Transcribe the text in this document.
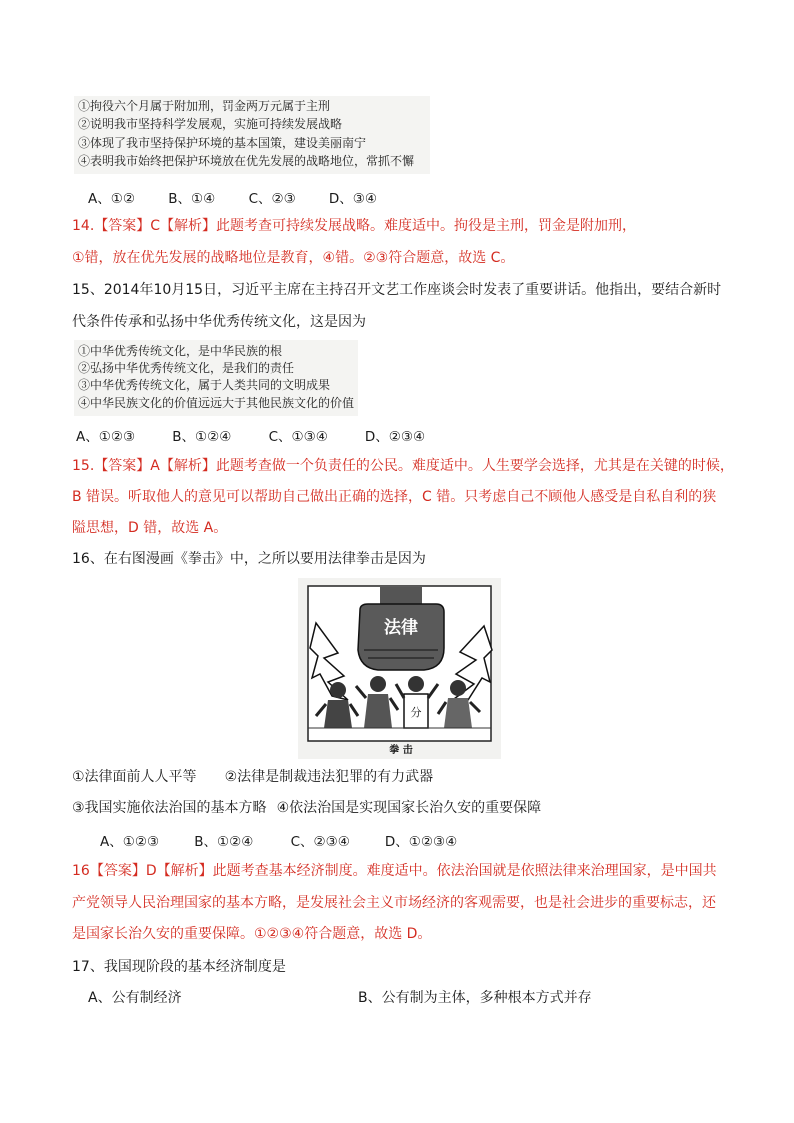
①拘役六个月属于附加刑，罚金两万元属于主刑
②说明我市坚持科学发展观，实施可持续发展战略
③体现了我市坚持保护环境的基本国策，建设美丽南宁
④表明我市始终把保护环境放在优先发展的战略地位，常抓不懈
A、①② B、①④ C、②③ D、③④
14.【答案】C【解析】此题考查可持续发展战略。难度适中。拘役是主刑，罚金是附加刑，
①错，放在优先发展的战略地位是教育，④错。②③符合题意，故选 C。
15、2014年10月15日，习近平主席在主持召开文艺工作座谈会时发表了重要讲话。他指出，要结合新时
代条件传承和弘扬中华优秀传统文化，这是因为
①中华优秀传统文化，是中华民族的根
②弘扬中华优秀传统文化，是我们的责任
③中华优秀传统文化，属于人类共同的文明成果
④中华民族文化的价值远远大于其他民族文化的价值
A、①②③	B、①②④	C、①③④	D、②③④
15.【答案】A【解析】此题考查做一个负责任的公民。难度适中。人生要学会选择，尤其是在关键的时候，
B 错误。听取他人的意见可以帮助自己做出正确的选择，C 错。只考虑自己不顾他人感受是自私自利的狭
隘思想，D 错，故选 A。
16、在右图漫画《拳击》中，之所以要用法律拳击是因为
法律
分
拳 击
①法律面前人人平等 ②法律是制裁违法犯罪的有力武器
③我国实施依法治国的基本方略 ④依法治国是实现国家长治久安的重要保障
A、①②③	B、①②④	C、②③④	D、①②③④
16【答案】D【解析】此题考查基本经济制度。难度适中。依法治国就是依照法律来治理国家，是中国共
产党领导人民治理国家的基本方略，是发展社会主义市场经济的客观需要，也是社会进步的重要标志，还
是国家长治久安的重要保障。①②③④符合题意，故选 D。
17、我国现阶段的基本经济制度是
A、公有制经济	B、公有制为主体，多种根本方式并存
